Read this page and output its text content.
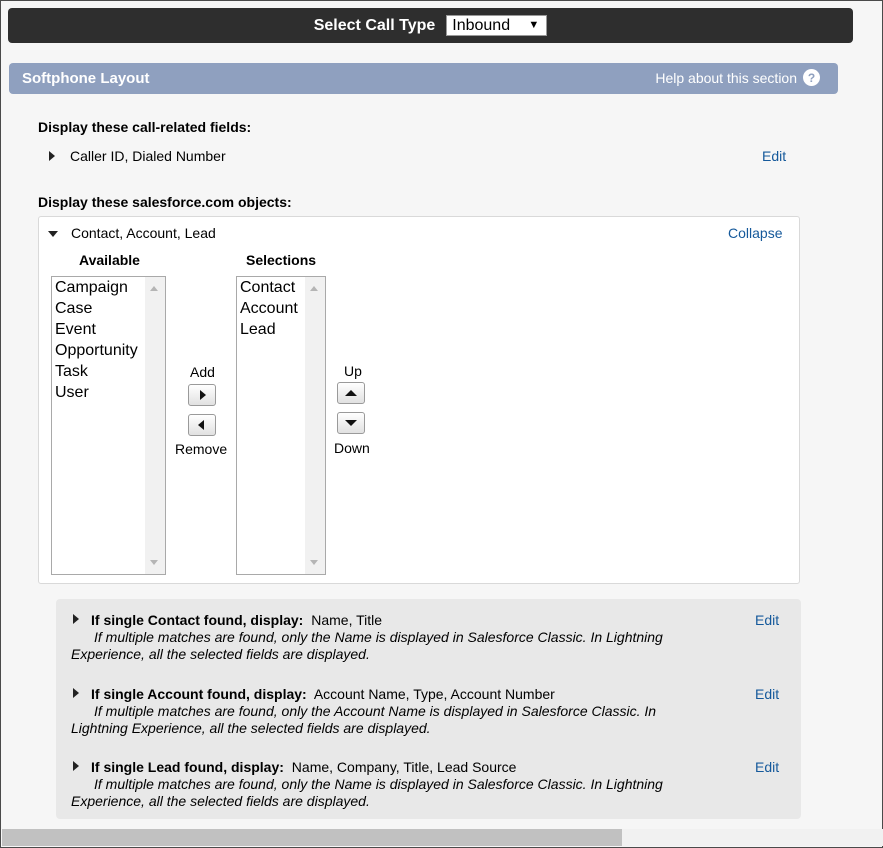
Select Call Type	Inbound ▼
Softphone Layout	Help about this section ?
Display these call-related fields:
Caller ID, Dialed Number	Edit
Display these salesforce.com objects:
Contact, Account, Lead	Collapse
Available	Selections
Campaign
Case
Event
Opportunity
Task
User
Add
Remove
Contact
Account
Lead
Up
Down
If single Contact found, display: Name, Title
If multiple matches are found, only the Name is displayed in Salesforce Classic. In Lightning Experience, all the selected fields are displayed.
Edit
If single Account found, display: Account Name, Type, Account Number
If multiple matches are found, only the Account Name is displayed in Salesforce Classic. In Lightning Experience, all the selected fields are displayed.
Edit
If single Lead found, display: Name, Company, Title, Lead Source
If multiple matches are found, only the Name is displayed in Salesforce Classic. In Lightning Experience, all the selected fields are displayed.
Edit
